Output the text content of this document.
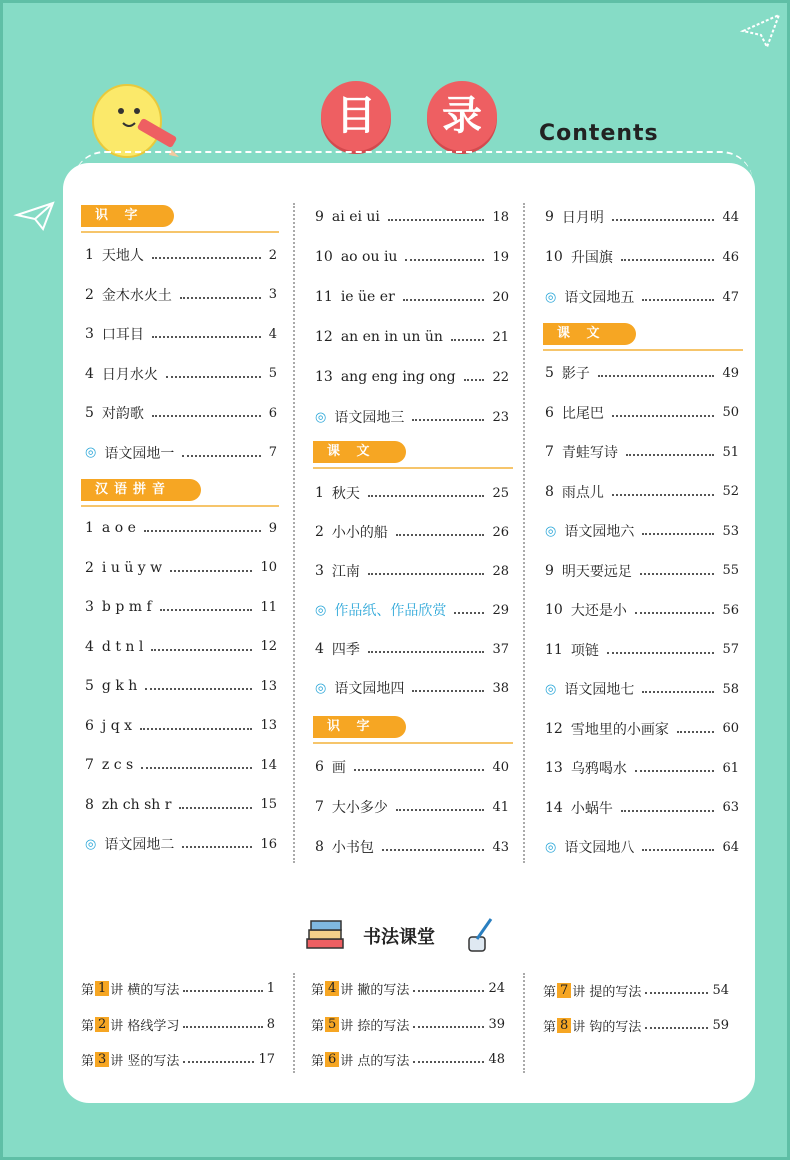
目	录	Contents
识 字
1 天地人	2
2 金木水火土	3
3 口耳目	4
4 日月水火	5
5 对韵歌	6
◎ 语文园地一	7
汉语拼音
1 a o e	9
2 i u ü y w	10
3 b p m f	11
4 d t n l	12
5 g k h	13
6 j q x	13
7 z c s	14
8 zh ch sh r	15
◎ 语文园地二	16
9 ai ei ui	18
10 ao ou iu	19
11 ie üe er	20
12 an en in un ün	21
13 ang eng ing ong	22
◎ 语文园地三	23
课 文
1 秋天	25
2 小小的船	26
3 江南	28
◎ 作品纸、作品欣赏	29
4 四季	37
◎ 语文园地四	38
识 字
6 画	40
7 大小多少	41
8 小书包	43
9 日月明	44
10 升国旗	46
◎ 语文园地五	47
课 文
5 影子	49
6 比尾巴	50
7 青蛙写诗	51
8 雨点儿	52
◎ 语文园地六	53
9 明天要远足	55
10 大还是小	56
11 项链	57
◎ 语文园地七	58
12 雪地里的小画家	60
13 乌鸦喝水	61
14 小蜗牛	63
◎ 语文园地八	64
书法课堂
第 1 讲 横的写法	1
第 2 讲 格线学习	8
第 3 讲 竖的写法	17
第 4 讲 撇的写法	24
第 5 讲 捺的写法	39
第 6 讲 点的写法	48
第 7 讲 提的写法	54
第 8 讲 钩的写法	59
